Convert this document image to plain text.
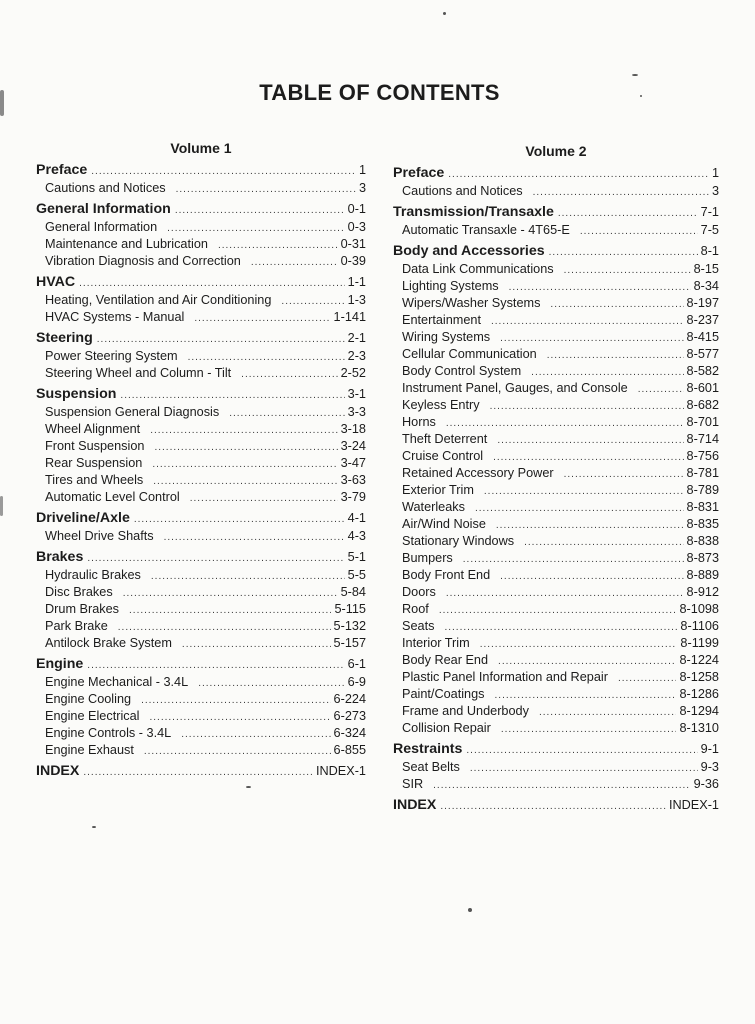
TABLE OF CONTENTS
Volume 1
Preface .....	1
Cautions and Notices .....	3
General Information .....	0-1
General Information .....	0-3
Maintenance and Lubrication .....	0-31
Vibration Diagnosis and Correction .....	0-39
HVAC .....	1-1
Heating, Ventilation and Air Conditioning .....	1-3
HVAC Systems - Manual .....	1-141
Steering .....	2-1
Power Steering System .....	2-3
Steering Wheel and Column - Tilt .....	2-52
Suspension .....	3-1
Suspension General Diagnosis .....	3-3
Wheel Alignment .....	3-18
Front Suspension .....	3-24
Rear Suspension .....	3-47
Tires and Wheels .....	3-63
Automatic Level Control .....	3-79
Driveline/Axle .....	4-1
Wheel Drive Shafts .....	4-3
Brakes .....	5-1
Hydraulic Brakes .....	5-5
Disc Brakes .....	5-84
Drum Brakes .....	5-115
Park Brake .....	5-132
Antilock Brake System .....	5-157
Engine .....	6-1
Engine Mechanical - 3.4L .....	6-9
Engine Cooling .....	6-224
Engine Electrical .....	6-273
Engine Controls - 3.4L .....	6-324
Engine Exhaust .....	6-855
INDEX .....	INDEX-1
Volume 2
Preface .....	1
Cautions and Notices .....	3
Transmission/Transaxle .....	7-1
Automatic Transaxle - 4T65-E .....	7-5
Body and Accessories .....	8-1
Data Link Communications .....	8-15
Lighting Systems .....	8-34
Wipers/Washer Systems .....	8-197
Entertainment .....	8-237
Wiring Systems .....	8-415
Cellular Communication .....	8-577
Body Control System .....	8-582
Instrument Panel, Gauges, and Console .....	8-601
Keyless Entry .....	8-682
Horns .....	8-701
Theft Deterrent .....	8-714
Cruise Control .....	8-756
Retained Accessory Power .....	8-781
Exterior Trim .....	8-789
Waterleaks .....	8-831
Air/Wind Noise .....	8-835
Stationary Windows .....	8-838
Bumpers .....	8-873
Body Front End .....	8-889
Doors .....	8-912
Roof .....	8-1098
Seats .....	8-1106
Interior Trim .....	8-1199
Body Rear End .....	8-1224
Plastic Panel Information and Repair .....	8-1258
Paint/Coatings .....	8-1286
Frame and Underbody .....	8-1294
Collision Repair .....	8-1310
Restraints .....	9-1
Seat Belts .....	9-3
SIR .....	9-36
INDEX .....	INDEX-1
